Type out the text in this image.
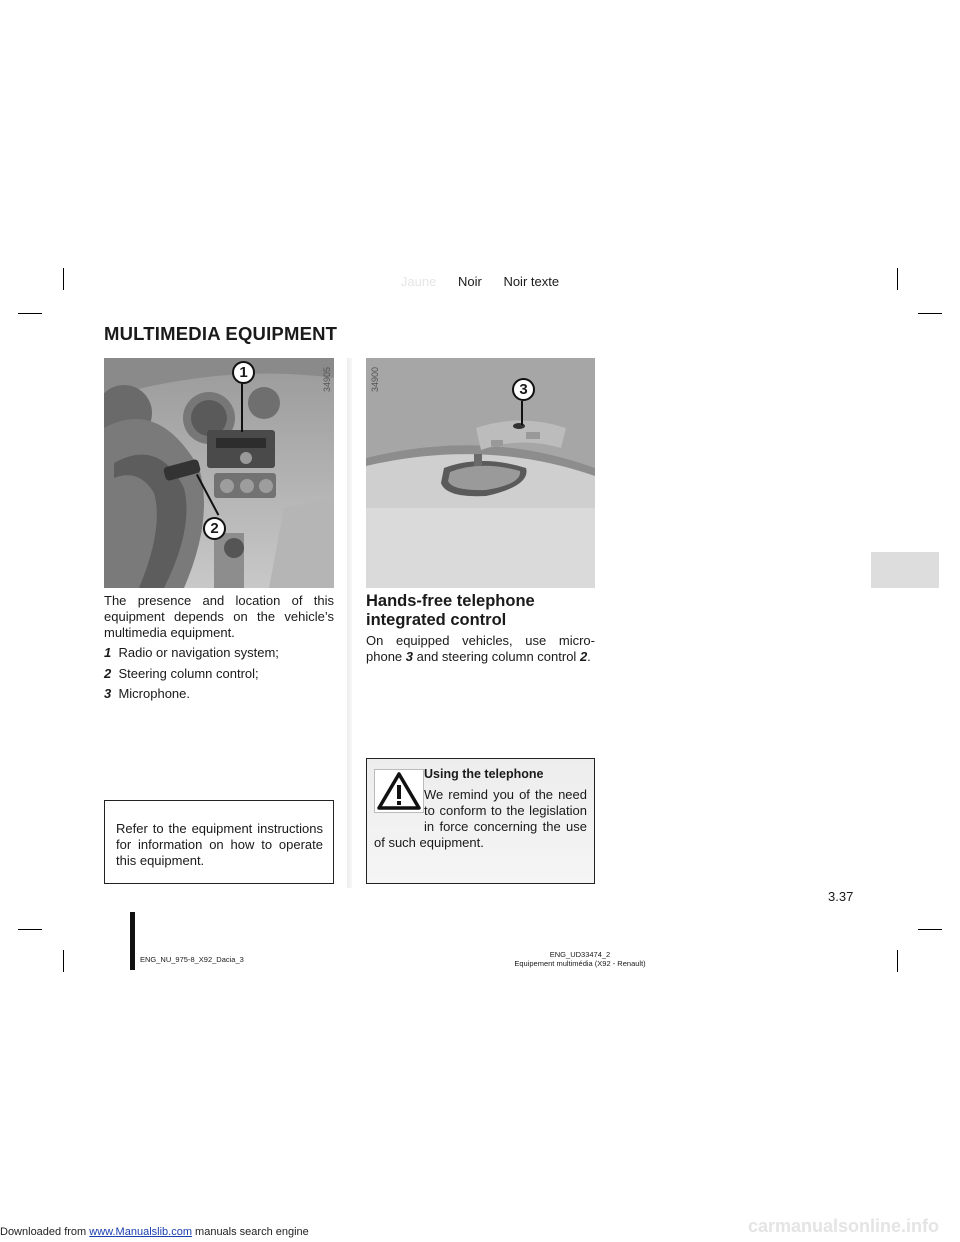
Jaune Noir Noir texte
MULTIMEDIA EQUIPMENT
1
2
34905	3
34900
The presence and location of this equipment depends on the vehicle’s multimedia equipment.
1 Radio or navigation system;
2 Steering column control;
3 Microphone.
Refer to the equipment instructions for information on how to operate this equipment.
Hands-free telephone integrated control
On equipped vehicles, use micro-phone 3 and steering column control 2.
Using the telephone
We remind you of the need to conform to the legislation in force concerning the use of such equipment.
3.37
ENG_NU_975-8_X92_Dacia_3
ENG_UD33474_2
Equipement multimédia (X92 - Renault)
Downloaded from www.Manualslib.com manuals search engine	carmanualsonline.info
